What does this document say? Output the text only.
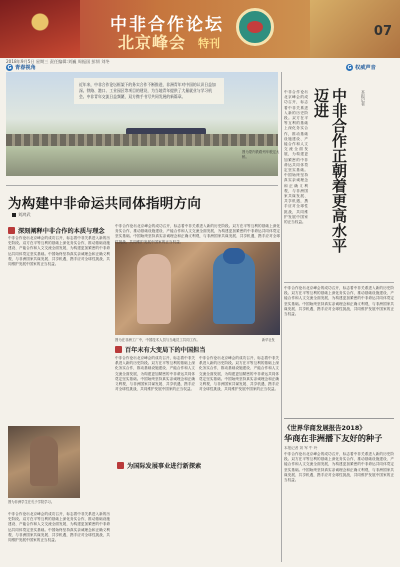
中非合作论坛
北京峰会 特刊
07
2018年9月5日 星期三 责任编辑:刘巍 周振国 彭韧 刘冬
G 青春视角	G 权威声音
近年来，中非合作论坛框架下的务实合作不断推进，非洲青年对中国的认识日益加深。铁路、港口、工业园区等项目的建设，为当地青年提供了大量就业与学习机会。中非青年交流日益频繁，双方携手书写共同发展的新篇章。
图为蒙内铁路列车驶过大桥。	中非合作正朝着更高水平迈进	本报记者
中非合作论坛北京峰会的成功召开，标志着中非关系进入新的历史阶段。双方在平等互利的基础上深化务实合作，推动基础设施建设、产能合作和人文交流全面发展，为构建更加紧密的中非命运共同体奠定坚实基础。中国始终坚持真实亲诚理念和正确义利观，与非洲国家共谋发展、共享机遇，携手应对全球性挑战，共同维护发展中国家的正当权益。
中非合作论坛北京峰会的成功召开，标志着中非关系进入新的历史阶段。双方在平等互利的基础上深化务实合作，推动基础设施建设、产能合作和人文交流全面发展，为构建更加紧密的中非命运共同体奠定坚实基础。中国始终坚持真实亲诚理念和正确义利观，与非洲国家共谋发展、共享机遇，携手应对全球性挑战，共同维护发展中国家的正当权益。
《世界华商发展报告2018》
华商在非洲播下友好的种子
本报记者 刘 军 牛 玲
中非合作论坛北京峰会的成功召开，标志着中非关系进入新的历史阶段。双方在平等互利的基础上深化务实合作，推动基础设施建设、产能合作和人文交流全面发展，为构建更加紧密的中非命运共同体奠定坚实基础。中国始终坚持真实亲诚理念和正确义利观，与非洲国家共谋发展、共享机遇，携手应对全球性挑战，共同维护发展中国家的正当权益。
为构建中非命运共同体指明方向
刘鸿武
深刻阐释中非合作的本质与理念
中非合作论坛北京峰会的成功召开，标志着中非关系进入新的历史阶段。双方在平等互利的基础上深化务实合作，推动基础设施建设、产能合作和人文交流全面发展，为构建更加紧密的中非命运共同体奠定坚实基础。中国始终坚持真实亲诚理念和正确义利观，与非洲国家共谋发展、共享机遇，携手应对全球性挑战，共同维护发展中国家的正当权益。
图为在非洲工厂中，中国技术人员与当地员工共同工作。	新华社发
中非合作论坛北京峰会的成功召开，标志着中非关系进入新的历史阶段。双方在平等互利的基础上深化务实合作，推动基础设施建设、产能合作和人文交流全面发展，为构建更加紧密的中非命运共同体奠定坚实基础。中国始终坚持真实亲诚理念和正确义利观，与非洲国家共谋发展、共享机遇，携手应对全球性挑战，共同维护发展中国家的正当权益。
百年未有大变局下的中国担当
中非合作论坛北京峰会的成功召开，标志着中非关系进入新的历史阶段。双方在平等互利的基础上深化务实合作，推动基础设施建设、产能合作和人文交流全面发展，为构建更加紧密的中非命运共同体奠定坚实基础。中国始终坚持真实亲诚理念和正确义利观，与非洲国家共谋发展、共享机遇，携手应对全球性挑战，共同维护发展中国家的正当权益。
中非合作论坛北京峰会的成功召开，标志着中非关系进入新的历史阶段。双方在平等互利的基础上深化务实合作，推动基础设施建设、产能合作和人文交流全面发展，为构建更加紧密的中非命运共同体奠定坚实基础。中国始终坚持真实亲诚理念和正确义利观，与非洲国家共谋发展、共享机遇，携手应对全球性挑战，共同维护发展中国家的正当权益。
为国际发展事业进行新探索
图为非洲学生在孔子学院学习。
中非合作论坛北京峰会的成功召开，标志着中非关系进入新的历史阶段。双方在平等互利的基础上深化务实合作，推动基础设施建设、产能合作和人文交流全面发展，为构建更加紧密的中非命运共同体奠定坚实基础。中国始终坚持真实亲诚理念和正确义利观，与非洲国家共谋发展、共享机遇，携手应对全球性挑战，共同维护发展中国家的正当权益。
